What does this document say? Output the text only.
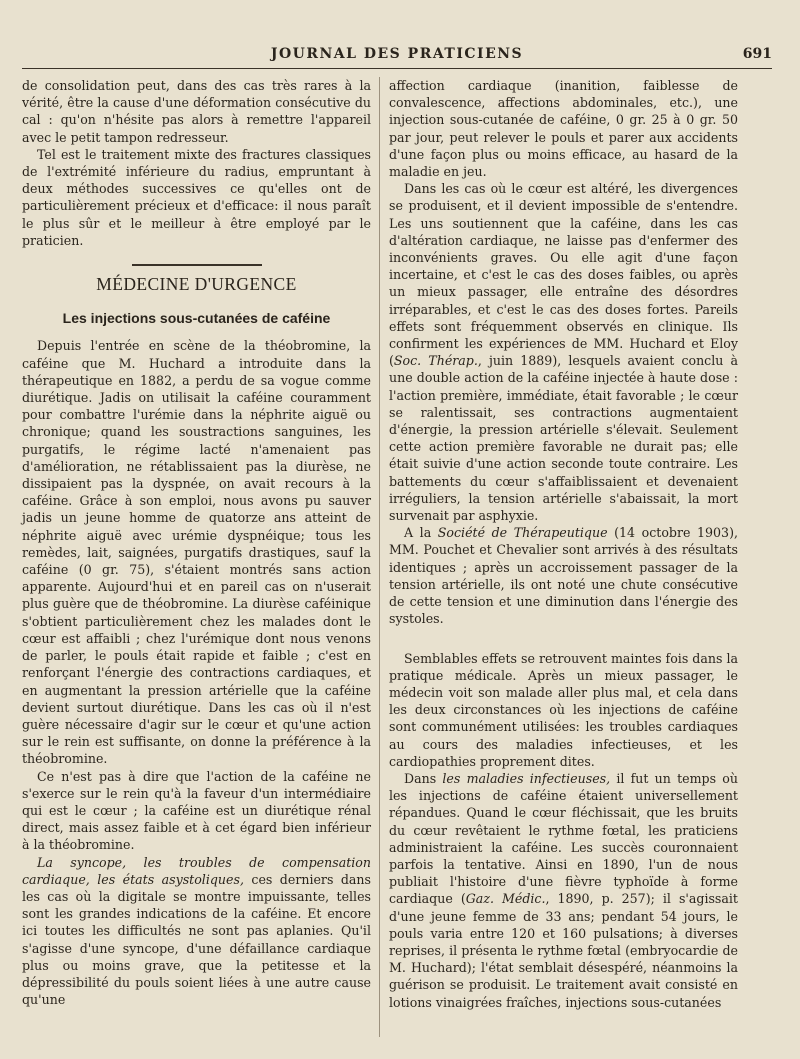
JOURNAL DES PRATICIENS	691

de consolidation peut, dans des cas très rares à la vérité, être la cause d'une déformation consécutive du cal : qu'on n'hésite pas alors à remettre l'appareil avec le petit tampon redresseur.

Tel est le traitement mixte des fractures classiques de l'extrémité inférieure du radius, empruntant à deux méthodes successives ce qu'elles ont de particulièrement précieux et d'efficace: il nous paraît le plus sûr et le meilleur à être employé par le praticien.

MÉDECINE D'URGENCE
Les injections sous-cutanées de caféine

Depuis l'entrée en scène de la théobromine, la caféine que M. Huchard a introduite dans la thérapeutique en 1882, a perdu de sa vogue comme diurétique. Jadis on utilisait la caféine couramment pour combattre l'urémie dans la néphrite aiguë ou chronique; quand les soustractions sanguines, les purgatifs, le régime lacté n'amenaient pas d'amélioration, ne rétablissaient pas la diurèse, ne dissipaient pas la dyspnée, on avait recours à la caféine. Grâce à son emploi, nous avons pu sauver jadis un jeune homme de quatorze ans atteint de néphrite aiguë avec urémie dyspnéique; tous les remèdes, lait, saignées, purgatifs drastiques, sauf la caféine (0 gr. 75), s'étaient montrés sans action apparente. Aujourd'hui et en pareil cas on n'userait plus guère que de théobromine. La diurèse caféinique s'obtient particulièrement chez les malades dont le cœur est affaibli ; chez l'urémique dont nous venons de parler, le pouls était rapide et faible ; c'est en renforçant l'énergie des contractions cardiaques, et en augmentant la pression artérielle que la caféine devient surtout diurétique. Dans les cas où il n'est guère nécessaire d'agir sur le cœur et qu'une action sur le rein est suffisante, on donne la préférence à la théobromine.

Ce n'est pas à dire que l'action de la caféine ne s'exerce sur le rein qu'à la faveur d'un intermédiaire qui est le cœur ; la caféine est un diurétique rénal direct, mais assez faible et à cet égard bien inférieur à la théobromine.

La syncope, les troubles de compensation cardiaque, les états asystoliques, ces derniers dans les cas où la digitale se montre impuissante, telles sont les grandes indications de la caféine. Et encore ici toutes les difficultés ne sont pas aplanies. Qu'il s'agisse d'une syncope, d'une défaillance cardiaque plus ou moins grave, que la petitesse et la dépressibilité du pouls soient liées à une autre cause qu'une

affection cardiaque (inanition, faiblesse de convalescence, affections abdominales, etc.), une injection sous-cutanée de caféine, 0 gr. 25 à 0 gr. 50 par jour, peut relever le pouls et parer aux accidents d'une façon plus ou moins efficace, au hasard de la maladie en jeu.

Dans les cas où le cœur est altéré, les divergences se produisent, et il devient impossible de s'entendre. Les uns soutiennent que la caféine, dans les cas d'altération cardiaque, ne laisse pas d'enfermer des inconvénients graves. Ou elle agit d'une façon incertaine, et c'est le cas des doses faibles, ou après un mieux passager, elle entraîne des désordres irréparables, et c'est le cas des doses fortes. Pareils effets sont fréquemment observés en clinique. Ils confirment les expériences de MM. Huchard et Eloy (Soc. Thérap., juin 1889), lesquels avaient conclu à une double action de la caféine injectée à haute dose : l'action première, immédiate, était favorable ; le cœur se ralentissait, ses contractions augmentaient d'énergie, la pression artérielle s'élevait. Seulement cette action première favorable ne durait pas; elle était suivie d'une action seconde toute contraire. Les battements du cœur s'affaiblissaient et devenaient irréguliers, la tension artérielle s'abaissait, la mort survenait par asphyxie.

A la Société de Thérapeutique (14 octobre 1903), MM. Pouchet et Chevalier sont arrivés à des résultats identiques ; après un accroissement passager de la tension artérielle, ils ont noté une chute consécutive de cette tension et une diminution dans l'énergie des systoles.

Semblables effets se retrouvent maintes fois dans la pratique médicale. Après un mieux passager, le médecin voit son malade aller plus mal, et cela dans les deux circonstances où les injections de caféine sont communément utilisées: les troubles cardiaques au cours des maladies infectieuses, et les cardiopathies proprement dites.

Dans les maladies infectieuses, il fut un temps où les injections de caféine étaient universellement répandues. Quand le cœur fléchissait, que les bruits du cœur revêtaient le rythme fœtal, les praticiens administraient la caféine. Les succès couronnaient parfois la tentative. Ainsi en 1890, l'un de nous publiait l'histoire d'une fièvre typhoïde à forme cardiaque (Gaz. Médic., 1890, p. 257); il s'agissait d'une jeune femme de 33 ans; pendant 54 jours, le pouls varia entre 120 et 160 pulsations; à diverses reprises, il présenta le rythme fœtal (embryocardie de M. Huchard); l'état semblait désespéré, néanmoins la guérison se produisit. Le traitement avait consisté en lotions vinaigrées fraîches, injections sous-cutanées
